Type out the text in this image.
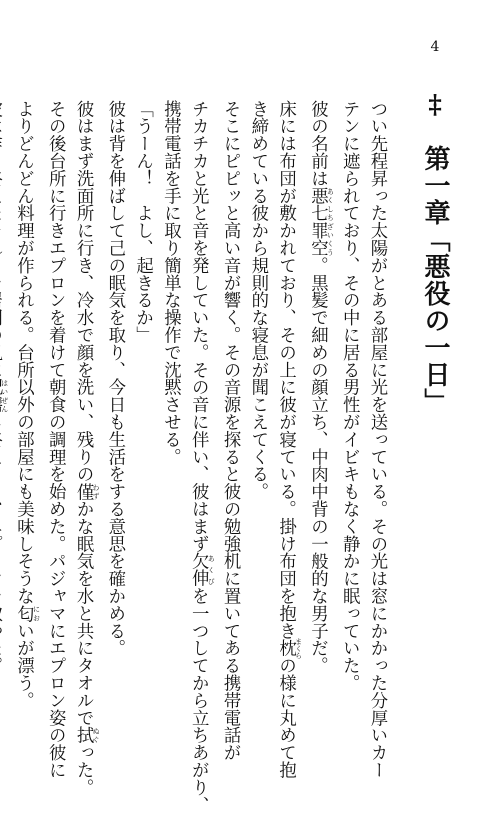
4
‡ 第一章「悪役の一日」
つい先程昇った太陽がとある部屋に光を送っている。その光は窓にかかった分厚いカー
テンに遮られており、その中に居る男性がイビキもなく静かに眠っていた。
彼の名前は悪七罪空 あくしちざいくう。黒髪で細めの顔立ち、中肉中背の一般的な男子だ。
床には布団が敷かれており、その上に彼が寝ている。掛け布団を抱き枕 まくらの様に丸めて抱
き締めている彼から規則的な寝息が聞こえてくる。
そこにピピッと高い音が響く。その音源を探ると彼の勉強机に置いてある携帯電話が
チカチカと光と音を発していた。その音に伴い、彼はまず欠伸 あくびを一つしてから立ちあがり、
携帯電話を手に取り簡単な操作で沈黙させる。
「うーん！　よし、起きるか」
彼は背を伸ばして己の眠気を取り、今日も生活をする意思を確かめる。
彼はまず洗面所に行き、冷水で顔を洗い、残りの僅 わずかな眠気を水と共にタオルで拭 ぬぐった。
その後台所に行きエプロンを着けて朝食の調理を始めた。パジャマにエプロン姿の彼に
よりどんどん料理が作られる。台所以外の部屋にも美味しそうな匂 においが漂う。
はいぜん
